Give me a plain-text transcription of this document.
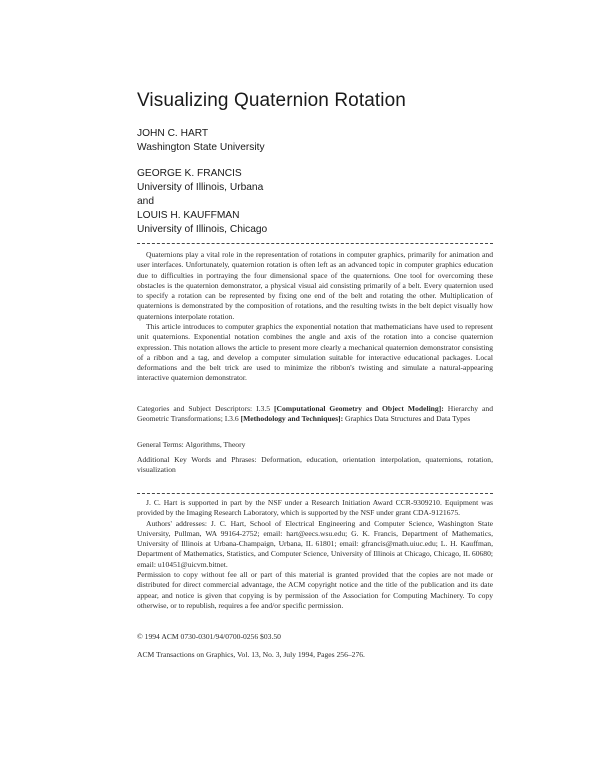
Visualizing Quaternion Rotation
JOHN C. HART
Washington State University
GEORGE K. FRANCIS
University of Illinois, Urbana
and
LOUIS H. KAUFFMAN
University of Illinois, Chicago
Quaternions play a vital role in the representation of rotations in computer graphics, primarily for animation and user interfaces. Unfortunately, quaternion rotation is often left as an advanced topic in computer graphics education due to difficulties in portraying the four dimensional space of the quaternions. One tool for overcoming these obstacles is the quaternion demonstrator, a physical visual aid consisting primarily of a belt. Every quaternion used to specify a rotation can be represented by fixing one end of the belt and rotating the other. Multiplication of quaternions is demonstrated by the composition of rotations, and the resulting twists in the belt depict visually how quaternions interpolate rotation.
This article introduces to computer graphics the exponential notation that mathematicians have used to represent unit quaternions. Exponential notation combines the angle and axis of the rotation into a concise quaternion expression. This notation allows the article to present more clearly a mechanical quaternion demonstrator consisting of a ribbon and a tag, and develop a computer simulation suitable for interactive educational packages. Local deformations and the belt trick are used to minimize the ribbon's twisting and simulate a natural-appearing interactive quaternion demonstrator.
Categories and Subject Descriptors: I.3.5 [Computational Geometry and Object Modeling]: Hierarchy and Geometric Transformations; I.3.6 [Methodology and Techniques]: Graphics Data Structures and Data Types
General Terms: Algorithms, Theory
Additional Key Words and Phrases: Deformation, education, orientation interpolation, quaternions, rotation, visualization

J. C. Hart is supported in part by the NSF under a Research Initiation Award CCR-9309210. Equipment was provided by the Imaging Research Laboratory, which is supported by the NSF under grant CDA-9121675.

Authors' addresses: J. C. Hart, School of Electrical Engineering and Computer Science, Washington State University, Pullman, WA 99164-2752; email: hart@eecs.wsu.edu; G. K. Francis, Department of Mathematics, University of Illinois at Urbana-Champaign, Urbana, IL 61801; email: gfrancis@math.uiuc.edu; L. H. Kauffman, Department of Mathematics, Statistics, and Computer Science, University of Illinois at Chicago, Chicago, IL 60680; email: u10451@uicvm.bitnet.

Permission to copy without fee all or part of this material is granted provided that the copies are not made or distributed for direct commercial advantage, the ACM copyright notice and the title of the publication and its date appear, and notice is given that copying is by permission of the Association for Computing Machinery. To copy otherwise, or to republish, requires a fee and/or specific permission.

© 1994 ACM 0730-0301/94/0700-0256 $03.50
ACM Transactions on Graphics, Vol. 13, No. 3, July 1994, Pages 256–276.
